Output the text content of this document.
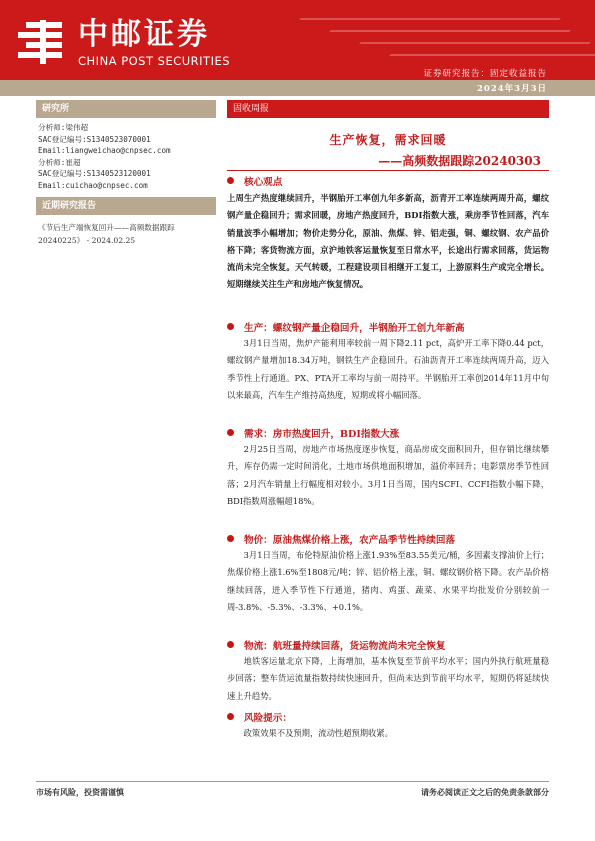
中邮证券
CHINA POST SECURITIES
证券研究报告：固定收益报告
2024年3月3日
研究所
分析师:梁伟超
SAC登记编号:S1340523070001
Email:liangweichao@cnpsec.com
分析师:崔超
SAC登记编号:S1340523120001
Email:cuichao@cnpsec.com
近期研究报告
《节后生产端恢复回升——高频数据跟踪20240225》 - 2024.02.25
固收周报
生产恢复，需求回暖
——高频数据跟踪20240303
核心观点
上周生产热度继续回升，半钢胎开工率创九年多新高，沥青开工率连续两周升高，螺纹钢产量企稳回升；需求回暖，房地产热度回升，BDI指数大涨，乘房季节性回落，汽车销量波季小幅增加；物价走势分化，原油、焦煤、锌、铝走强，铜、螺纹钢、农产品价格下降；客货物流方面，京沪地铁客运量恢复至日常水平，长途出行需求回落，货运物流尚未完全恢复。天气转暖，工程建设项目相继开工复工，上游原料生产或完全增长。短期继续关注生产和房地产恢复情况。
生产：螺纹钢产量企稳回升，半钢胎开工创九年新高
3月1日当周，焦炉产能利用率较前一周下降2.11 pct，高炉开工率下降0.44 pct，螺纹钢产量增加18.34万吨，钢铁生产企稳回升。石油沥青开工率连续两周升高，迈入季节性上行通道。PX、PTA开工率均与前一周持平。半钢胎开工率创2014年11月中旬以来最高，汽车生产维持高热度，短期或将小幅回落。
需求：房市热度回升，BDI指数大涨
2月25日当周，房地产市场热度逐步恢复，商品房成交面积回升，但存销比继续攀升，库存仍需一定时间消化，土地市场供地面积增加，溢价率回升；电影票房季节性回落；2月汽车销量上行幅度相对较小。3月1日当周，国内SCFI、CCFI指数小幅下降，BDI指数周涨幅超18%。
物价：原油焦煤价格上涨，农产品季节性持续回落
3月1日当周，布伦特原油价格上涨1.93%至83.55美元/桶，多因素支撑油价上行；焦煤价格上涨1.6%至1808元/吨；锌、铝价格上涨，铜、螺纹钢价格下降。农产品价格继续回落，进入季节性下行通道，猪肉、鸡蛋、蔬菜、水果平均批发价分别较前一周-3.8%、-5.3%、-3.3%、+0.1%。
物流：航班量持续回落，货运物流尚未完全恢复
地铁客运量北京下降，上海增加，基本恢复至节前平均水平；国内外执行航班量稳步回落；整车货运流量指数持续快速回升，但尚未达到节前平均水平，短期仍将延续快速上升趋势。
风险提示：
政策效果不及预期，流动性超预期收紧。
市场有风险，投资需谨慎	请务必阅读正文之后的免责条款部分
